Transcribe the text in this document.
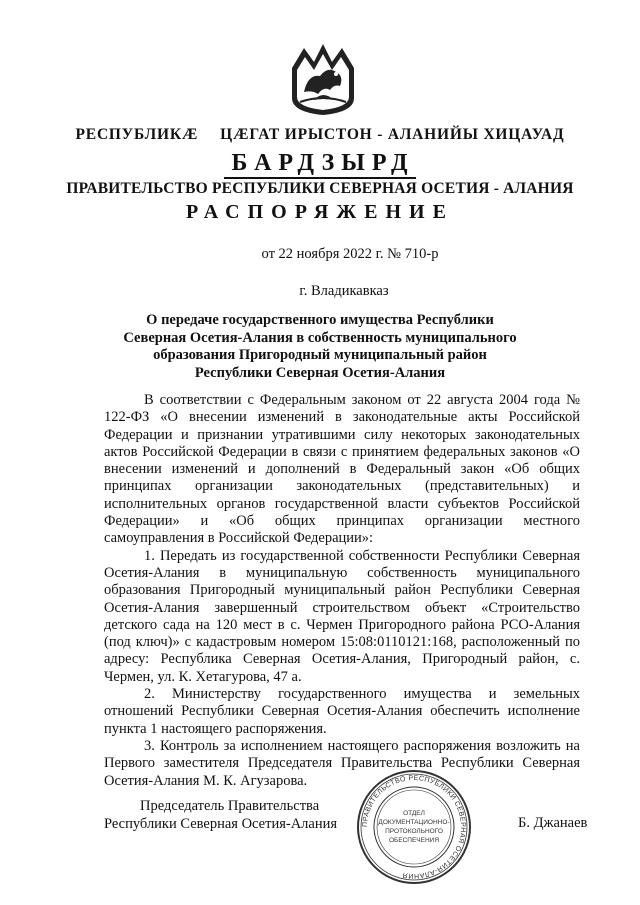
РЕСПУБЛИКӔ ЦӔГАТ ИРЫСТОН - АЛАНИЙЫ ХИЦАУАД
БАРДЗЫРД
ПРАВИТЕЛЬСТВО РЕСПУБЛИКИ СЕВЕРНАЯ ОСЕТИЯ - АЛАНИЯ
РАСПОРЯЖЕНИЕ
от 22 ноября 2022 г. № 710-р
г. Владикавказ
О передаче государственного имущества Республики
Северная Осетия-Алания в собственность муниципального
образования Пригородный муниципальный район
Республики Северная Осетия-Алания

В соответствии с Федеральным законом от 22 августа 2004 года № 122-ФЗ «О внесении изменений в законодательные акты Российской Федерации и признании утратившими силу некоторых законодательных актов Российской Федерации в связи с принятием федеральных законов «О внесении изменений и дополнений в Федеральный закон «Об общих принципах организации законодательных (представительных) и исполнительных органов государственной власти субъектов Российской Федерации» и «Об общих принципах организации местного самоуправления в Российской Федерации»:

1. Передать из государственной собственности Республики Северная Осетия-Алания в муниципальную собственность муниципального образования Пригородный муниципальный район Республики Северная Осетия-Алания завершенный строительством объект «Строительство детского сада на 120 мест в с. Чермен Пригородного района РСО-Алания (под ключ)» с кадастровым номером 15:08:0110121:168, расположенный по адресу: Республика Северная Осетия-Алания, Пригородный район, с. Чермен, ул. К. Хетагурова, 47 а.

2. Министерству государственного имущества и земельных отношений Республики Северная Осетия-Алания обеспечить исполнение пункта 1 настоящего распоряжения.

3. Контроль за исполнением настоящего распоряжения возложить на Первого заместителя Председателя Правительства Республики Северная Осетия-Алания М. К. Агузарова.

Председатель Правительства
Республики Северная Осетия-Алания	ПРАВИТЕЛЬСТВО РЕСПУБЛИКИ СЕВЕРНАЯ ОСЕТИЯ-АЛАНИЯ
ОТДЕЛ
ДОКУМЕНТАЦИОННО-
ПРОТОКОЛЬНОГО
ОБЕСПЕЧЕНИЯ
Б. Джанаев
